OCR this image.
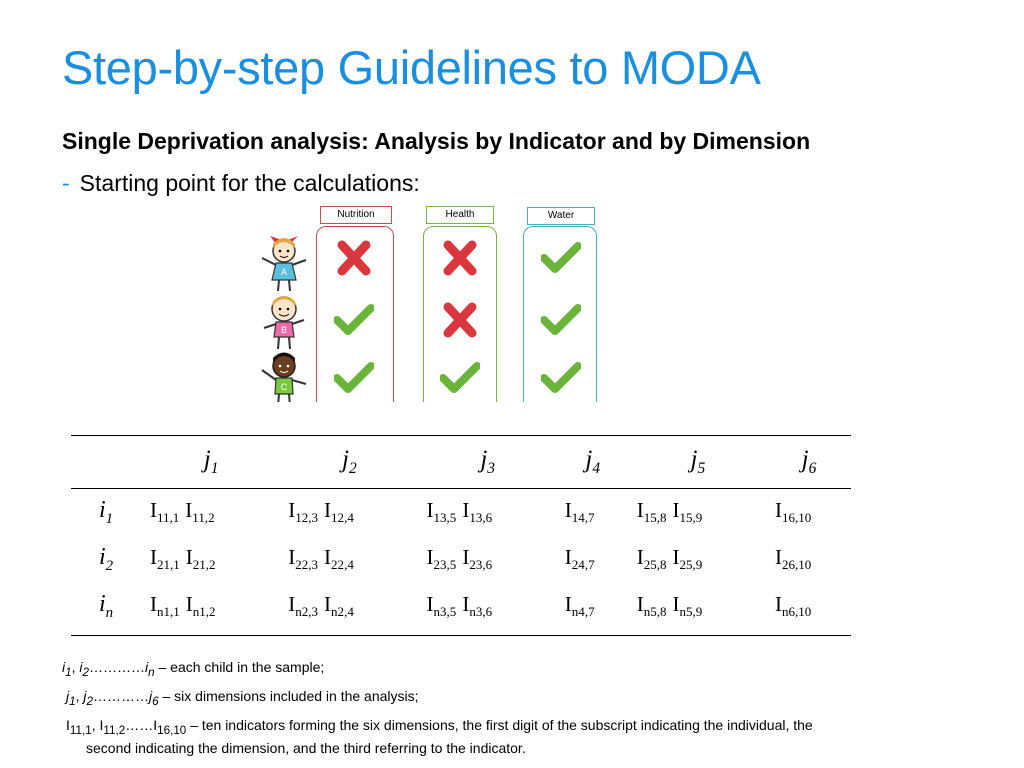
Step-by-step Guidelines to MODA
Single Deprivation analysis: Analysis by Indicator and by Dimension
- Starting point for the calculations:
Nutrition	Health	Water
A
B
C
	$j_1$	$j_2$	$j_3$	$j_4$	$j_5$	$j_6$
$i_1$	$I_{11,1}$ $I_{11,2}$	$I_{12,3}$ $I_{12,4}$	$I_{13,5}$ $I_{13,6}$	$I_{14,7}$	$I_{15,8}$ $I_{15,9}$	$I_{16,10}$
$i_2$	$I_{21,1}$ $I_{21,2}$	$I_{22,3}$ $I_{22,4}$	$I_{23,5}$ $I_{23,6}$	$I_{24,7}$	$I_{25,8}$ $I_{25,9}$	$I_{26,10}$
$i_n$	$I_{n1,1}$ $I_{n1,2}$	$I_{n2,3}$ $I_{n2,4}$	$I_{n3,5}$ $I_{n3,6}$	$I_{n4,7}$	$I_{n5,8}$ $I_{n5,9}$	$I_{n6,10}$

$i_1$, $i_2\dots\dots\dots\dots i_n$ – each child in the sample;

$j_1$, $j_2\dots\dots\dots\dots j_6$ – six dimensions included in the analysis;

$I_{11,1}$, $I_{11,2}\dots\dots I_{16,10}$ – ten indicators forming the six dimensions, the first digit of the subscript indicating the individual, the
second indicating the dimension, and the third referring to the indicator.
